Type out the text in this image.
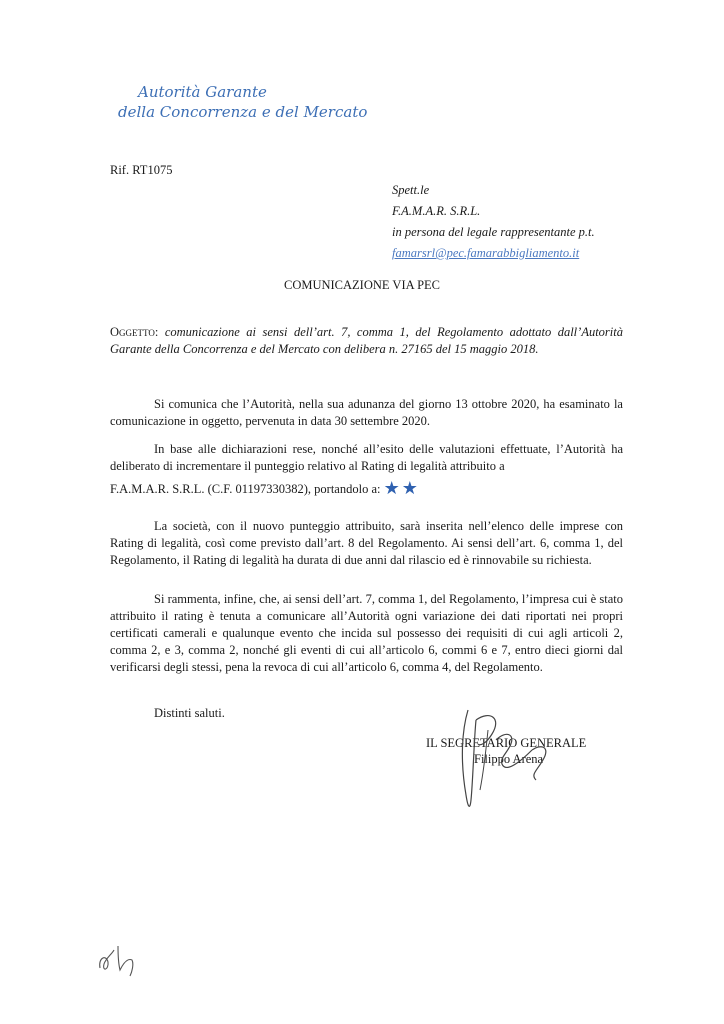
Autorità Garante
della Concorrenza e del Mercato
Rif. RT1075
Spett.le
F.A.M.A.R. S.R.L.
in persona del legale rappresentante p.t.
famarsrl@pec.famarabbigliamento.it
COMUNICAZIONE VIA PEC
Oggetto: comunicazione ai sensi dell’art. 7, comma 1, del Regolamento adottato dall’Autorità Garante della Concorrenza e del Mercato con delibera n. 27165 del 15 maggio 2018.
Si comunica che l’Autorità, nella sua adunanza del giorno 13 ottobre 2020, ha esaminato la comunicazione in oggetto, pervenuta in data 30 settembre 2020.
In base alle dichiarazioni rese, nonché all’esito delle valutazioni effettuate, l’Autorità ha deliberato di incrementare il punteggio relativo al Rating di legalità attribuito a
F.A.M.A.R. S.R.L. (C.F. 01197330382), portandolo a: ★★
La società, con il nuovo punteggio attribuito, sarà inserita nell’elenco delle imprese con Rating di legalità, così come previsto dall’art. 8 del Regolamento. Ai sensi dell’art. 6, comma 1, del Regolamento, il Rating di legalità ha durata di due anni dal rilascio ed è rinnovabile su richiesta.
Si rammenta, infine, che, ai sensi dell’art. 7, comma 1, del Regolamento, l’impresa cui è stato attribuito il rating è tenuta a comunicare all’Autorità ogni variazione dei dati riportati nei propri certificati camerali e qualunque evento che incida sul possesso dei requisiti di cui agli articoli 2, comma 2, e 3, comma 2, nonché gli eventi di cui all’articolo 6, commi 6 e 7, entro dieci giorni dal verificarsi degli stessi, pena la revoca di cui all’articolo 6, comma 4, del Regolamento.
Distinti saluti.
IL SEGRETARIO GENERALE
Filippo Arena
